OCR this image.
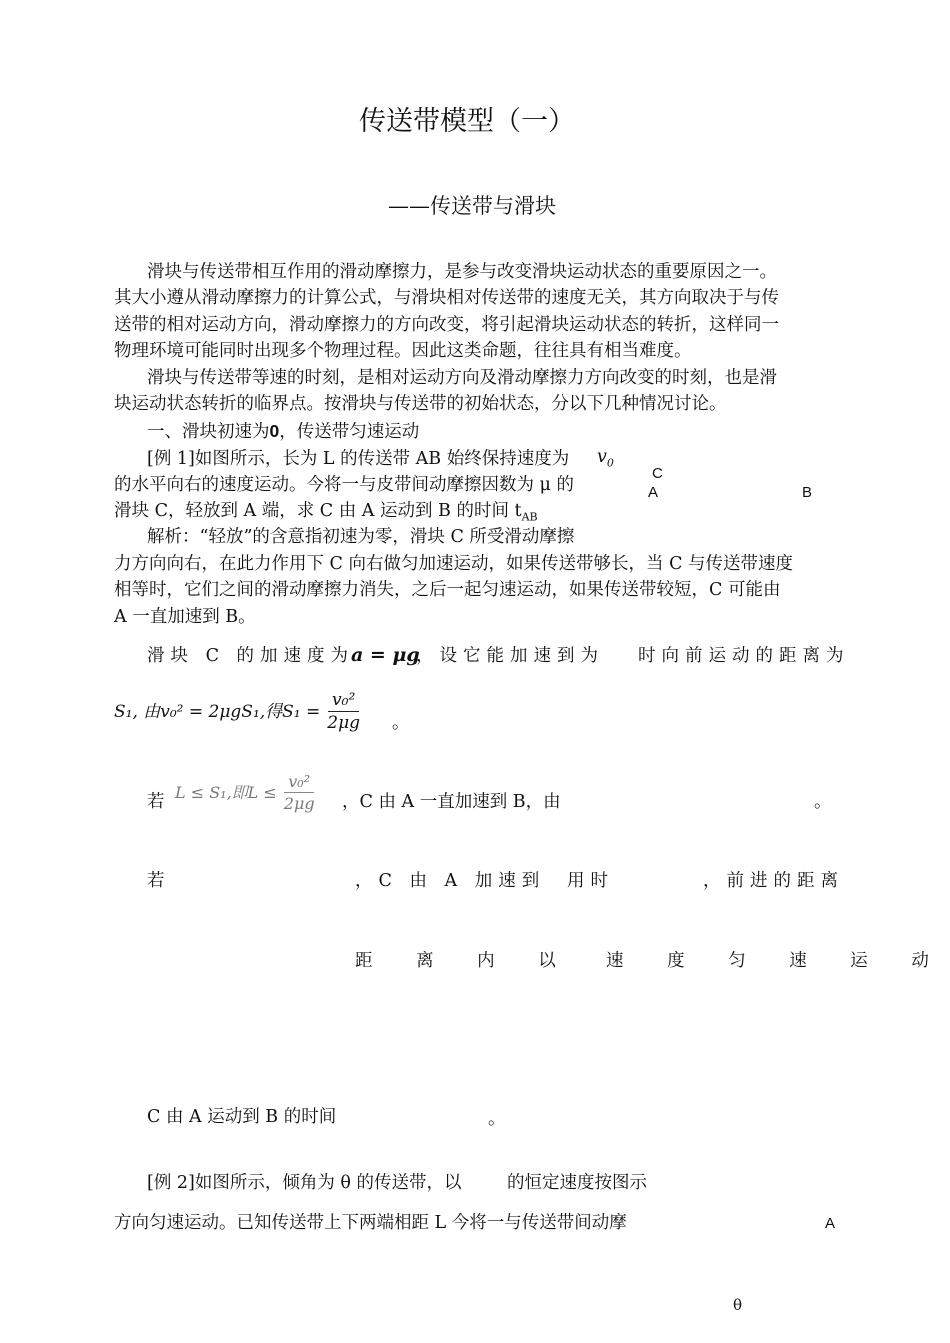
传送带模型（一）
——传送带与滑块
滑块与传送带相互作用的滑动摩擦力，是参与改变滑块运动状态的重要原因之一。
其大小遵从滑动摩擦力的计算公式，与滑块相对传送带的速度无关，其方向取决于与传
送带的相对运动方向，滑动摩擦力的方向改变，将引起滑块运动状态的转折，这样同一
物理环境可能同时出现多个物理过程。因此这类命题，往往具有相当难度。
滑块与传送带等速的时刻，是相对运动方向及滑动摩擦力方向改变的时刻，也是滑
块运动状态转折的临界点。按滑块与传送带的初始状态，分以下几种情况讨论。
一、滑块初速为0，传送带匀速运动
[例 1]如图所示，长为 L 的传送带 AB 始终保持速度为 $v_0$
的水平向右的速度运动。今将一与皮带间动摩擦因数为 μ 的
滑块 C，轻放到 A 端，求 C 由 A 运动到 B 的时间 $t_{AB}$
C
A	B
解析：“轻放”的含意指初速为零，滑块 C 所受滑动摩擦
力方向向右，在此力作用下 C 向右做匀加速运动，如果传送带够长，当 C 与传送带速度
相等时，它们之间的滑动摩擦力消失，之后一起匀速运动，如果传送带较短，C 可能由
A 一直加速到 B。
滑块 C 的加速度为
a = μg
，设它能加速到为 时向前运动的距离为
S₁, 由v₀² = 2μgS₁,得$S_1 = \frac{\text{v₀²}}{2\mu g}$ 。
若 L ≤ S₁,即$L \le \frac{\text{v₀²}}{2\mu g}$ ，C 由 A 一直加速到 B，由	。
若	，C 由 A 加速到 用时	，前进的距离
距 离 内 以 速 度 匀 速 运 动
C 由 A 运动到 B 的时间	。
[例 2]如图所示，倾角为 θ 的传送带，以	的恒定速度按图示
方向匀速运动。已知传送带上下两端相距 L 今将一与传送带间动摩	A
θ
